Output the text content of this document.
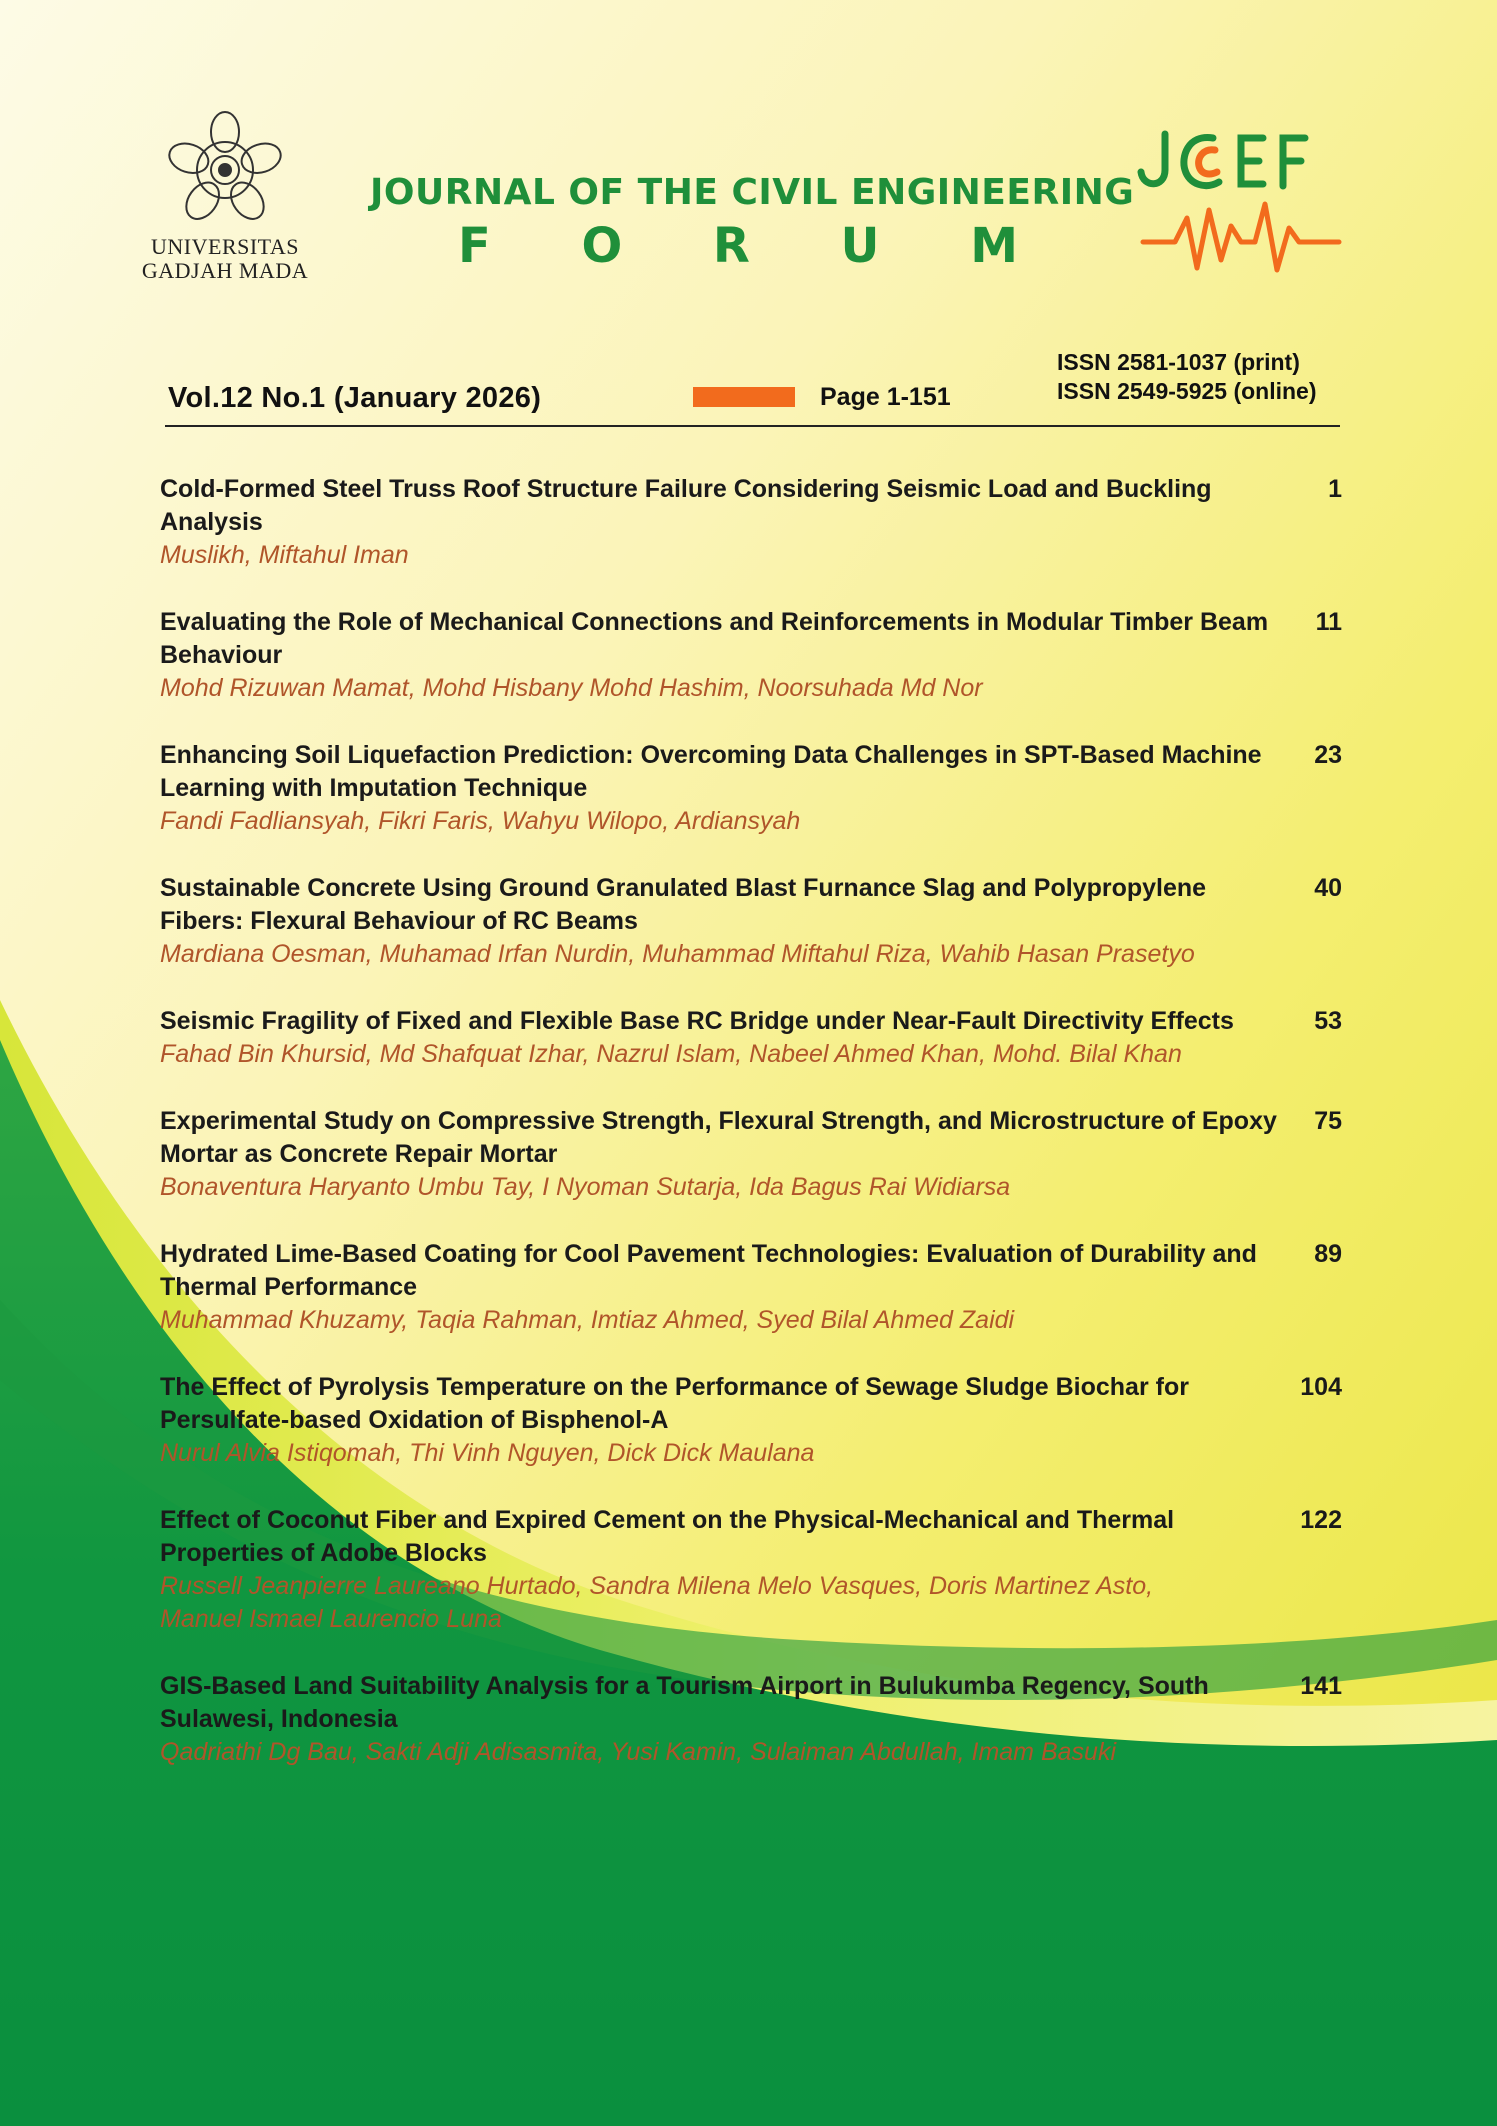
UNIVERSITAS
GADJAH MADA
JOURNAL OF THE CIVIL ENGINEERING
F O R U M
Vol.12 No.1 (January 2026)	Page 1-151
ISSN 2581-1037 (print)
ISSN 2549-5925 (online)
Cold-Formed Steel Truss Roof Structure Failure Considering Seismic Load and Buckling Analysis
Muslikh, Miftahul Iman
1
Evaluating the Role of Mechanical Connections and Reinforcements in Modular Timber Beam Behaviour
Mohd Rizuwan Mamat, Mohd Hisbany Mohd Hashim, Noorsuhada Md Nor
11
Enhancing Soil Liquefaction Prediction: Overcoming Data Challenges in SPT-Based Machine Learning with Imputation Technique
Fandi Fadliansyah, Fikri Faris, Wahyu Wilopo, Ardiansyah
23
Sustainable Concrete Using Ground Granulated Blast Furnance Slag and Polypropylene Fibers: Flexural Behaviour of RC Beams
Mardiana Oesman, Muhamad Irfan Nurdin, Muhammad Miftahul Riza, Wahib Hasan Prasetyo
40
Seismic Fragility of Fixed and Flexible Base RC Bridge under Near-Fault Directivity Effects
Fahad Bin Khursid, Md Shafquat Izhar, Nazrul Islam, Nabeel Ahmed Khan, Mohd. Bilal Khan
53
Experimental Study on Compressive Strength, Flexural Strength, and Microstructure of Epoxy Mortar as Concrete Repair Mortar
Bonaventura Haryanto Umbu Tay, I Nyoman Sutarja, Ida Bagus Rai Widiarsa
75
Hydrated Lime-Based Coating for Cool Pavement Technologies: Evaluation of Durability and Thermal Performance
Muhammad Khuzamy, Taqia Rahman, Imtiaz Ahmed, Syed Bilal Ahmed Zaidi
89
The Effect of Pyrolysis Temperature on the Performance of Sewage Sludge Biochar for Persulfate-based Oxidation of Bisphenol-A
Nurul Alvia Istiqomah, Thi Vinh Nguyen, Dick Dick Maulana
104
Effect of Coconut Fiber and Expired Cement on the Physical-Mechanical and Thermal Properties of Adobe Blocks
Russell Jeanpierre Laureano Hurtado, Sandra Milena Melo Vasques, Doris Martinez Asto, Manuel Ismael Laurencio Luna
122
GIS-Based Land Suitability Analysis for a Tourism Airport in Bulukumba Regency, South Sulawesi, Indonesia
Qadriathi Dg Bau, Sakti Adji Adisasmita, Yusi Kamin, Sulaiman Abdullah, Imam Basuki
141
